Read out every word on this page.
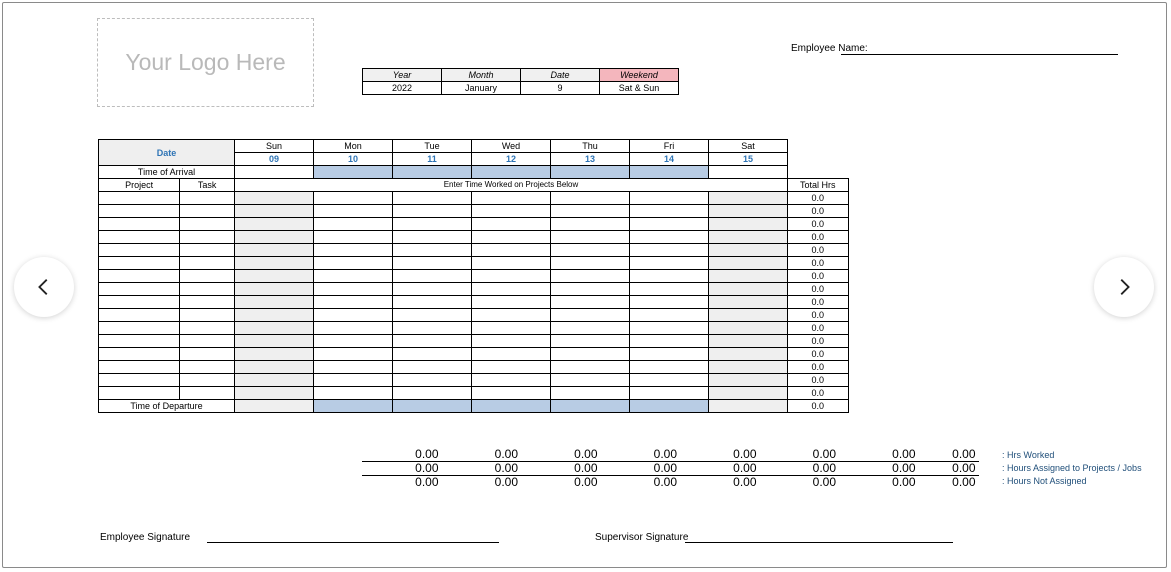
Your Logo Here	Year	Month	Date	Weekend
2022	January	9	Sat & Sun
Employee Name:
Date		Sun	Mon	Tue	Wed	Thu	Fri	Sat	
		09	10	11	12	13	14	15	
Time of Arrival									
Project	Task	Enter Time Worked on Projects Below							Total Hrs
									0.0
									0.0
									0.0
									0.0
									0.0
									0.0
									0.0
									0.0
									0.0
									0.0
									0.0
									0.0
									0.0
									0.0
									0.0
									0.0
Time of Departure									0.0
0.00	0.00	0.00	0.00	0.00	0.00	0.00	0.00
0.00	0.00	0.00	0.00	0.00	0.00	0.00	0.00
0.00	0.00	0.00	0.00	0.00	0.00	0.00	0.00
: Hrs Worked
: Hours Assigned to Projects / Jobs
: Hours Not Assigned
Employee Signature	Supervisor Signature
